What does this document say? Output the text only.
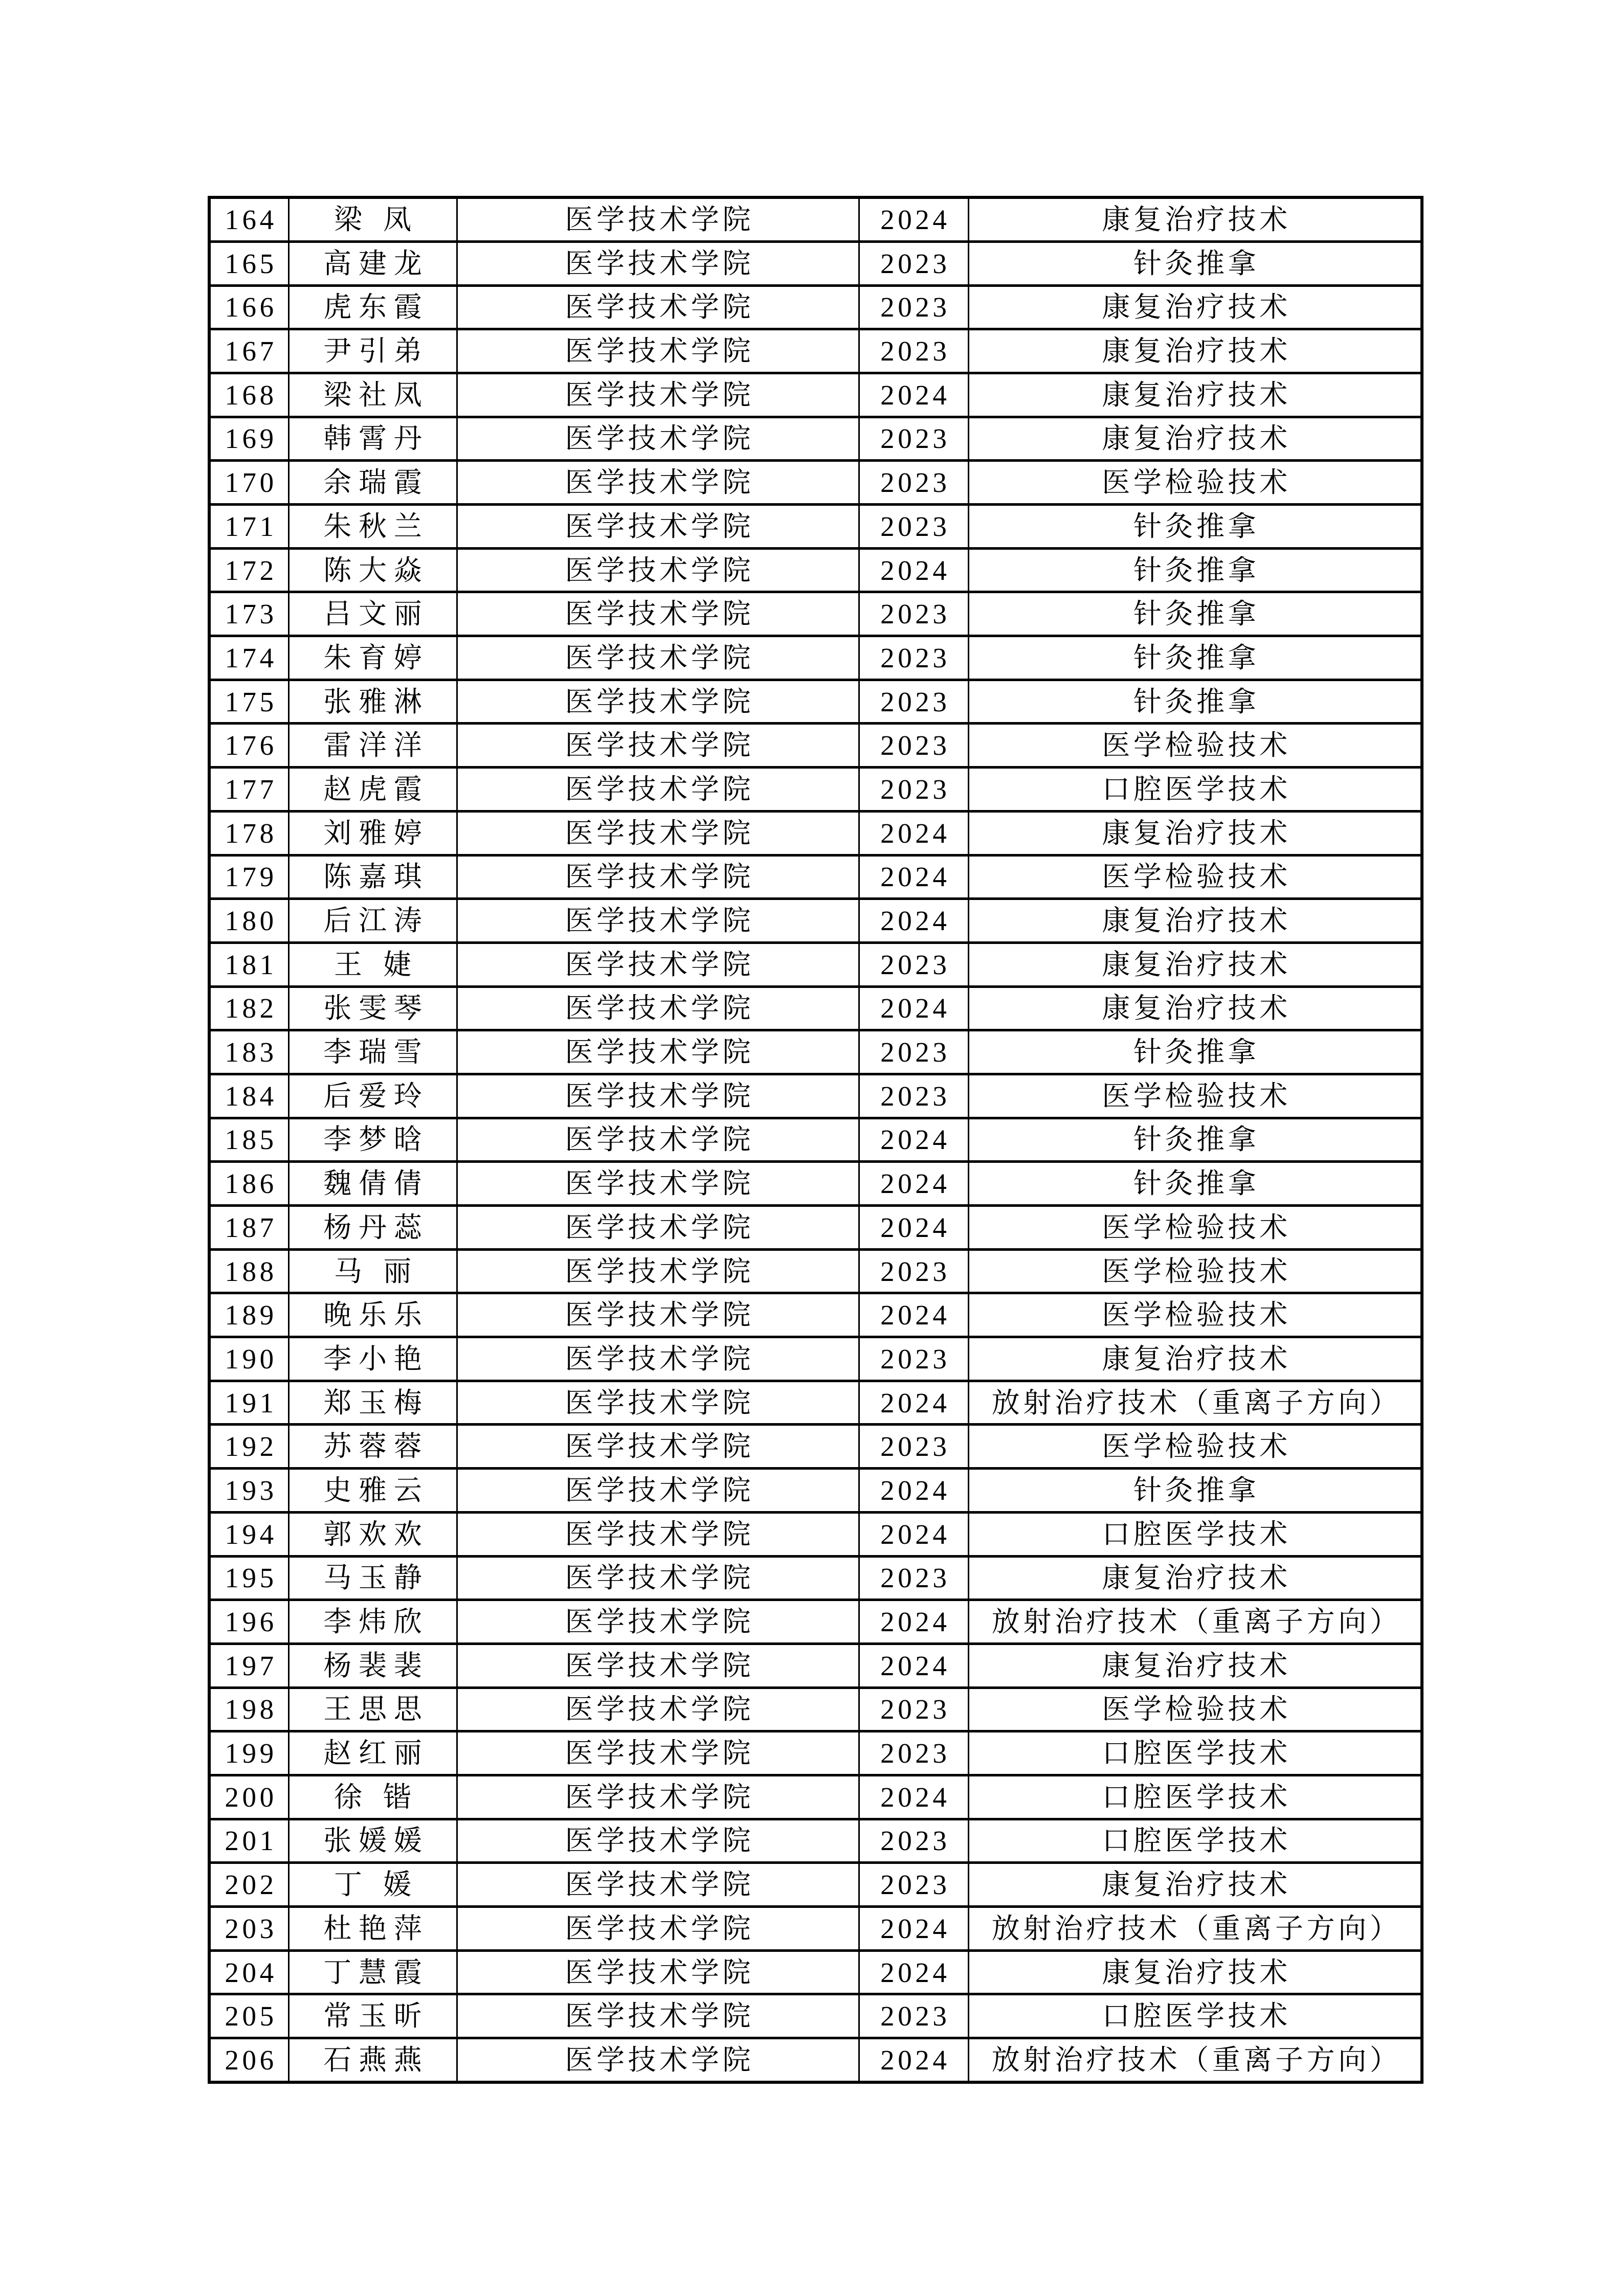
164	梁凤	医学技术学院	2024	康复治疗技术
165	高建龙	医学技术学院	2023	针灸推拿
166	虎东霞	医学技术学院	2023	康复治疗技术
167	尹引弟	医学技术学院	2023	康复治疗技术
168	梁社凤	医学技术学院	2024	康复治疗技术
169	韩霄丹	医学技术学院	2023	康复治疗技术
170	余瑞霞	医学技术学院	2023	医学检验技术
171	朱秋兰	医学技术学院	2023	针灸推拿
172	陈大焱	医学技术学院	2024	针灸推拿
173	吕文丽	医学技术学院	2023	针灸推拿
174	朱育婷	医学技术学院	2023	针灸推拿
175	张雅淋	医学技术学院	2023	针灸推拿
176	雷洋洋	医学技术学院	2023	医学检验技术
177	赵虎霞	医学技术学院	2023	口腔医学技术
178	刘雅婷	医学技术学院	2024	康复治疗技术
179	陈嘉琪	医学技术学院	2024	医学检验技术
180	后江涛	医学技术学院	2024	康复治疗技术
181	王婕	医学技术学院	2023	康复治疗技术
182	张雯琴	医学技术学院	2024	康复治疗技术
183	李瑞雪	医学技术学院	2023	针灸推拿
184	后爱玲	医学技术学院	2023	医学检验技术
185	李梦晗	医学技术学院	2024	针灸推拿
186	魏倩倩	医学技术学院	2024	针灸推拿
187	杨丹蕊	医学技术学院	2024	医学检验技术
188	马丽	医学技术学院	2023	医学检验技术
189	晚乐乐	医学技术学院	2024	医学检验技术
190	李小艳	医学技术学院	2023	康复治疗技术
191	郑玉梅	医学技术学院	2024	放射治疗技术（重离子方向）
192	苏蓉蓉	医学技术学院	2023	医学检验技术
193	史雅云	医学技术学院	2024	针灸推拿
194	郭欢欢	医学技术学院	2024	口腔医学技术
195	马玉静	医学技术学院	2023	康复治疗技术
196	李炜欣	医学技术学院	2024	放射治疗技术（重离子方向）
197	杨裴裴	医学技术学院	2024	康复治疗技术
198	王思思	医学技术学院	2023	医学检验技术
199	赵红丽	医学技术学院	2023	口腔医学技术
200	徐锴	医学技术学院	2024	口腔医学技术
201	张媛媛	医学技术学院	2023	口腔医学技术
202	丁媛	医学技术学院	2023	康复治疗技术
203	杜艳萍	医学技术学院	2024	放射治疗技术（重离子方向）
204	丁慧霞	医学技术学院	2024	康复治疗技术
205	常玉昕	医学技术学院	2023	口腔医学技术
206	石燕燕	医学技术学院	2024	放射治疗技术（重离子方向）
